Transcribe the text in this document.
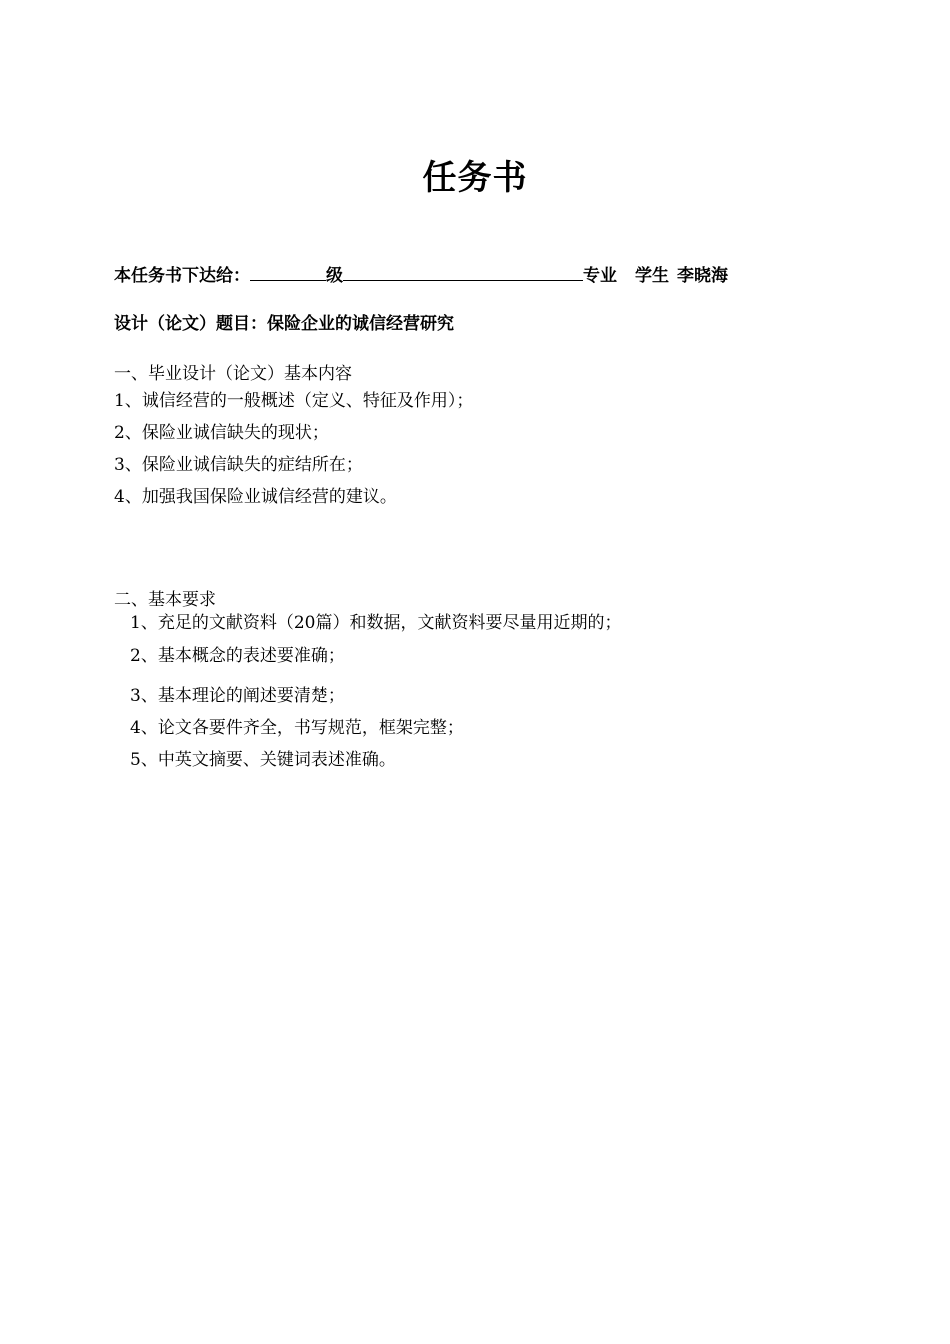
任务书
本任务书下达给：	级	专业 学生 李晓海
设计（论文）题目：保险企业的诚信经营研究
一、毕业设计（论文）基本内容
1、诚信经营的一般概述（定义、特征及作用）；
2、保险业诚信缺失的现状；
3、保险业诚信缺失的症结所在；
4、加强我国保险业诚信经营的建议。
二、基本要求
1、充足的文献资料（20篇）和数据，文献资料要尽量用近期的；
2、基本概念的表述要准确；
3、基本理论的阐述要清楚；
4、论文各要件齐全，书写规范，框架完整；
5、中英文摘要、关键词表述准确。
